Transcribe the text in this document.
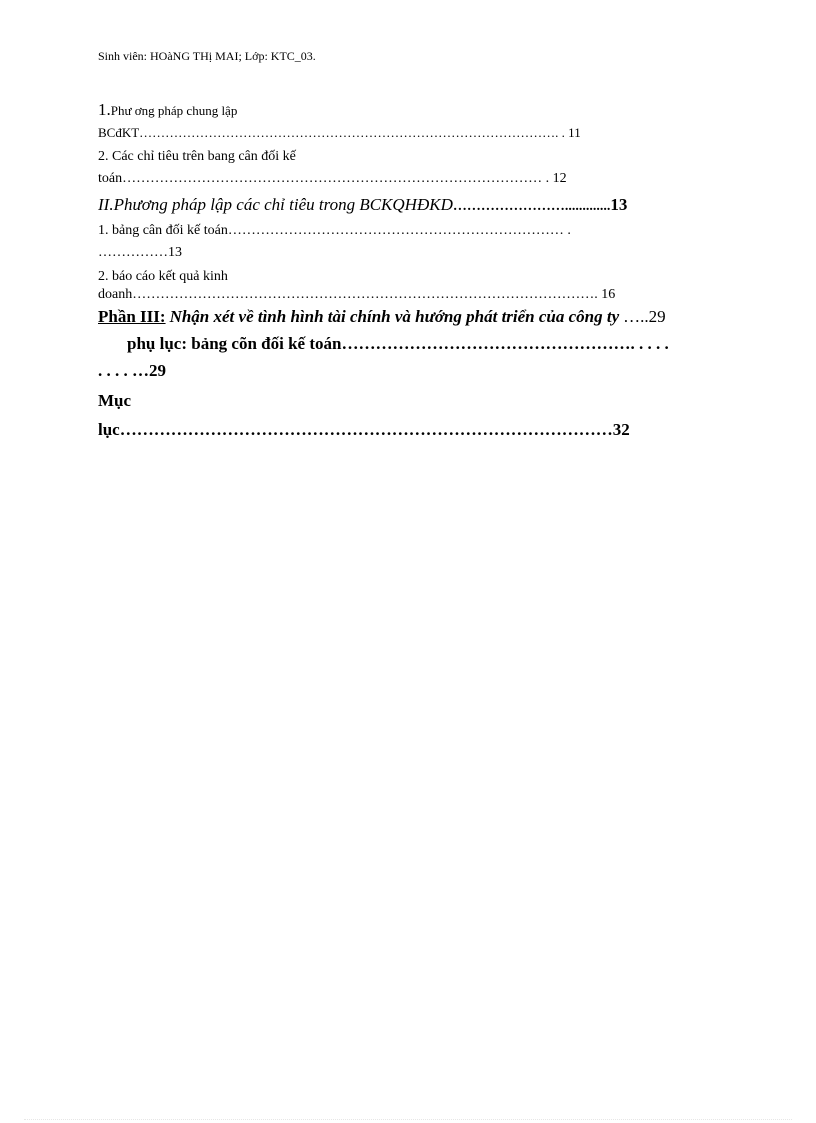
Sinh viên: HOàNG THị MAI; Lớp: KTC_03.
1.Phư ơng pháp chung lập
BCđKT……………………………………………………………………………………. . 11
2. Các chỉ tiêu trên bang cân đối kế
toán……………………………………………………………………………… . 12
II.Phương pháp lập các chỉ tiêu trong BCKQHĐKD…………………….............13
1. bảng cân đối kế toán……………………………………………………………… .
……………13
2. báo cáo kết quả kinh
doanh………………………………………………………………………………………. 16
Phần III: Nhận xét về tình hình tài chính và hướng phát triển của công ty …..29
phụ lục: bảng cõn đối kế toán……………………………………………. . . . .
. . . . …29
Mục
lục……………………………………………………………………………32
